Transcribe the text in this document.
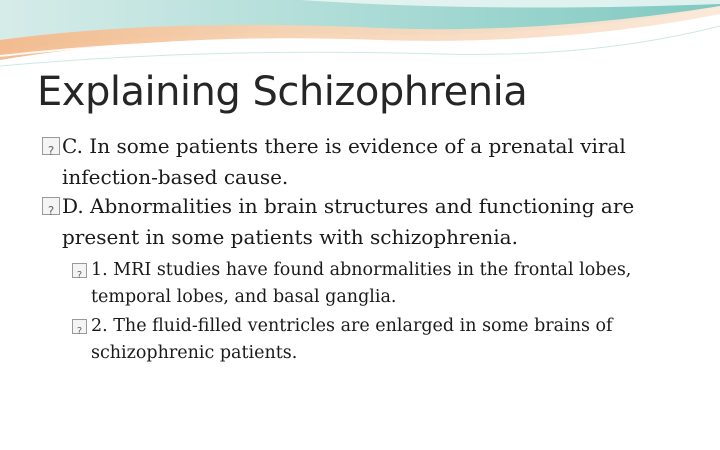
Explaining Schizophrenia
?
C. In some patients there is evidence of a prenatal viral infection-based cause.
?
D. Abnormalities in brain structures and functioning are present in some patients with schizophrenia.
?
1. MRI studies have found abnormalities in the frontal lobes, temporal lobes, and basal ganglia.
?
2. The fluid-filled ventricles are enlarged in some brains of schizophrenic patients.
